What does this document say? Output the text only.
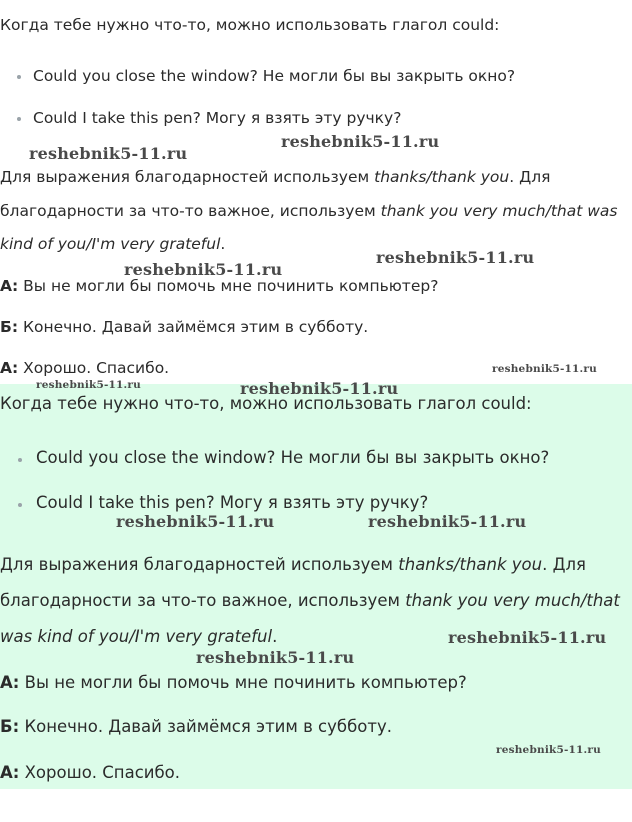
Когда тебе нужно что-то, можно использовать глагол could:
Could you close the window? Не могли бы вы закрыть окно?
Could I take this pen? Могу я взять эту ручку?
Для выражения благодарностей используем thanks/thank you. Для
благодарности за что-то важное, используем thank you very much/that was
kind of you/I'm very grateful.
А: Вы не могли бы помочь мне починить компьютер?
Б: Конечно. Давай займёмся этим в субботу.
А: Хорошо. Спасибо.
reshebnik5-11.ru
reshebnik5-11.ru
reshebnik5-11.ru
reshebnik5-11.ru
reshebnik5-11.ru
Когда тебе нужно что-то, можно использовать глагол could:
Could you close the window? Не могли бы вы закрыть окно?
Could I take this pen? Могу я взять эту ручку?
Для выражения благодарностей используем thanks/thank you. Для
благодарности за что-то важное, используем thank you very much/that
was kind of you/I'm very grateful.
А: Вы не могли бы помочь мне починить компьютер?
Б: Конечно. Давай займёмся этим в субботу.
А: Хорошо. Спасибо.
reshebnik5-11.ru	reshebnik5-11.ru
reshebnik5-11.ru	reshebnik5-11.ru
reshebnik5-11.ru
reshebnik5-11.ru
reshebnik5-11.ru
